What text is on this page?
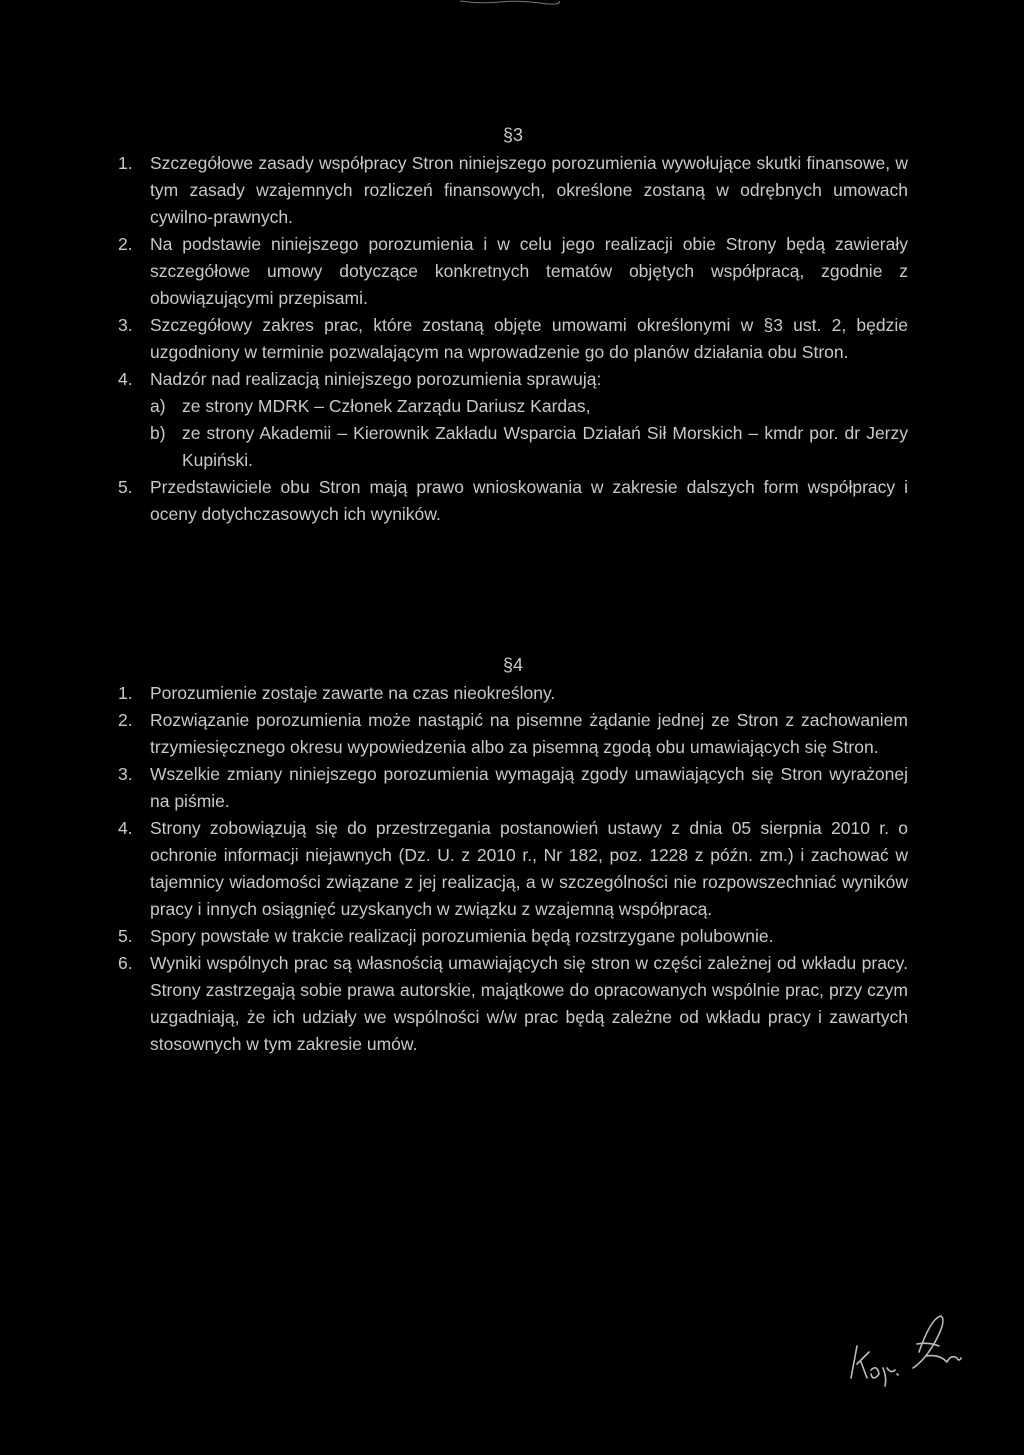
§3
1. Szczegółowe zasady współpracy Stron niniejszego porozumienia wywołujące skutki finansowe, w tym zasady wzajemnych rozliczeń finansowych, określone zostaną w odrębnych umowach cywilno-prawnych.
2. Na podstawie niniejszego porozumienia i w celu jego realizacji obie Strony będą zawierały szczegółowe umowy dotyczące konkretnych tematów objętych współpracą, zgodnie z obowiązującymi przepisami.
3. Szczegółowy zakres prac, które zostaną objęte umowami określonymi w §3 ust. 2, będzie uzgodniony w terminie pozwalającym na wprowadzenie go do planów działania obu Stron.
4. Nadzór nad realizacją niniejszego porozumienia sprawują:
a) ze strony MDRK – Członek Zarządu Dariusz Kardas,
b) ze strony Akademii – Kierownik Zakładu Wsparcia Działań Sił Morskich – kmdr por. dr Jerzy Kupiński.
5. Przedstawiciele obu Stron mają prawo wnioskowania w zakresie dalszych form współpracy i oceny dotychczasowych ich wyników.
§4
1. Porozumienie zostaje zawarte na czas nieokreślony.
2. Rozwiązanie porozumienia może nastąpić na pisemne żądanie jednej ze Stron z zachowaniem trzymiesięcznego okresu wypowiedzenia albo za pisemną zgodą obu umawiających się Stron.
3. Wszelkie zmiany niniejszego porozumienia wymagają zgody umawiających się Stron wyrażonej na piśmie.
4. Strony zobowiązują się do przestrzegania postanowień ustawy z dnia 05 sierpnia 2010 r. o ochronie informacji niejawnych (Dz. U. z 2010 r., Nr 182, poz. 1228 z późn. zm.) i zachować w tajemnicy wiadomości związane z jej realizacją, a w szczególności nie rozpowszechniać wyników pracy i innych osiągnięć uzyskanych w związku z wzajemną współpracą.
5. Spory powstałe w trakcie realizacji porozumienia będą rozstrzygane polubownie.
6. Wyniki wspólnych prac są własnością umawiających się stron w części zależnej od wkładu pracy. Strony zastrzegają sobie prawa autorskie, majątkowe do opracowanych wspólnie prac, przy czym uzgadniają, że ich udziały we wspólności w/w prac będą zależne od wkładu pracy i zawartych stosownych w tym zakresie umów.
